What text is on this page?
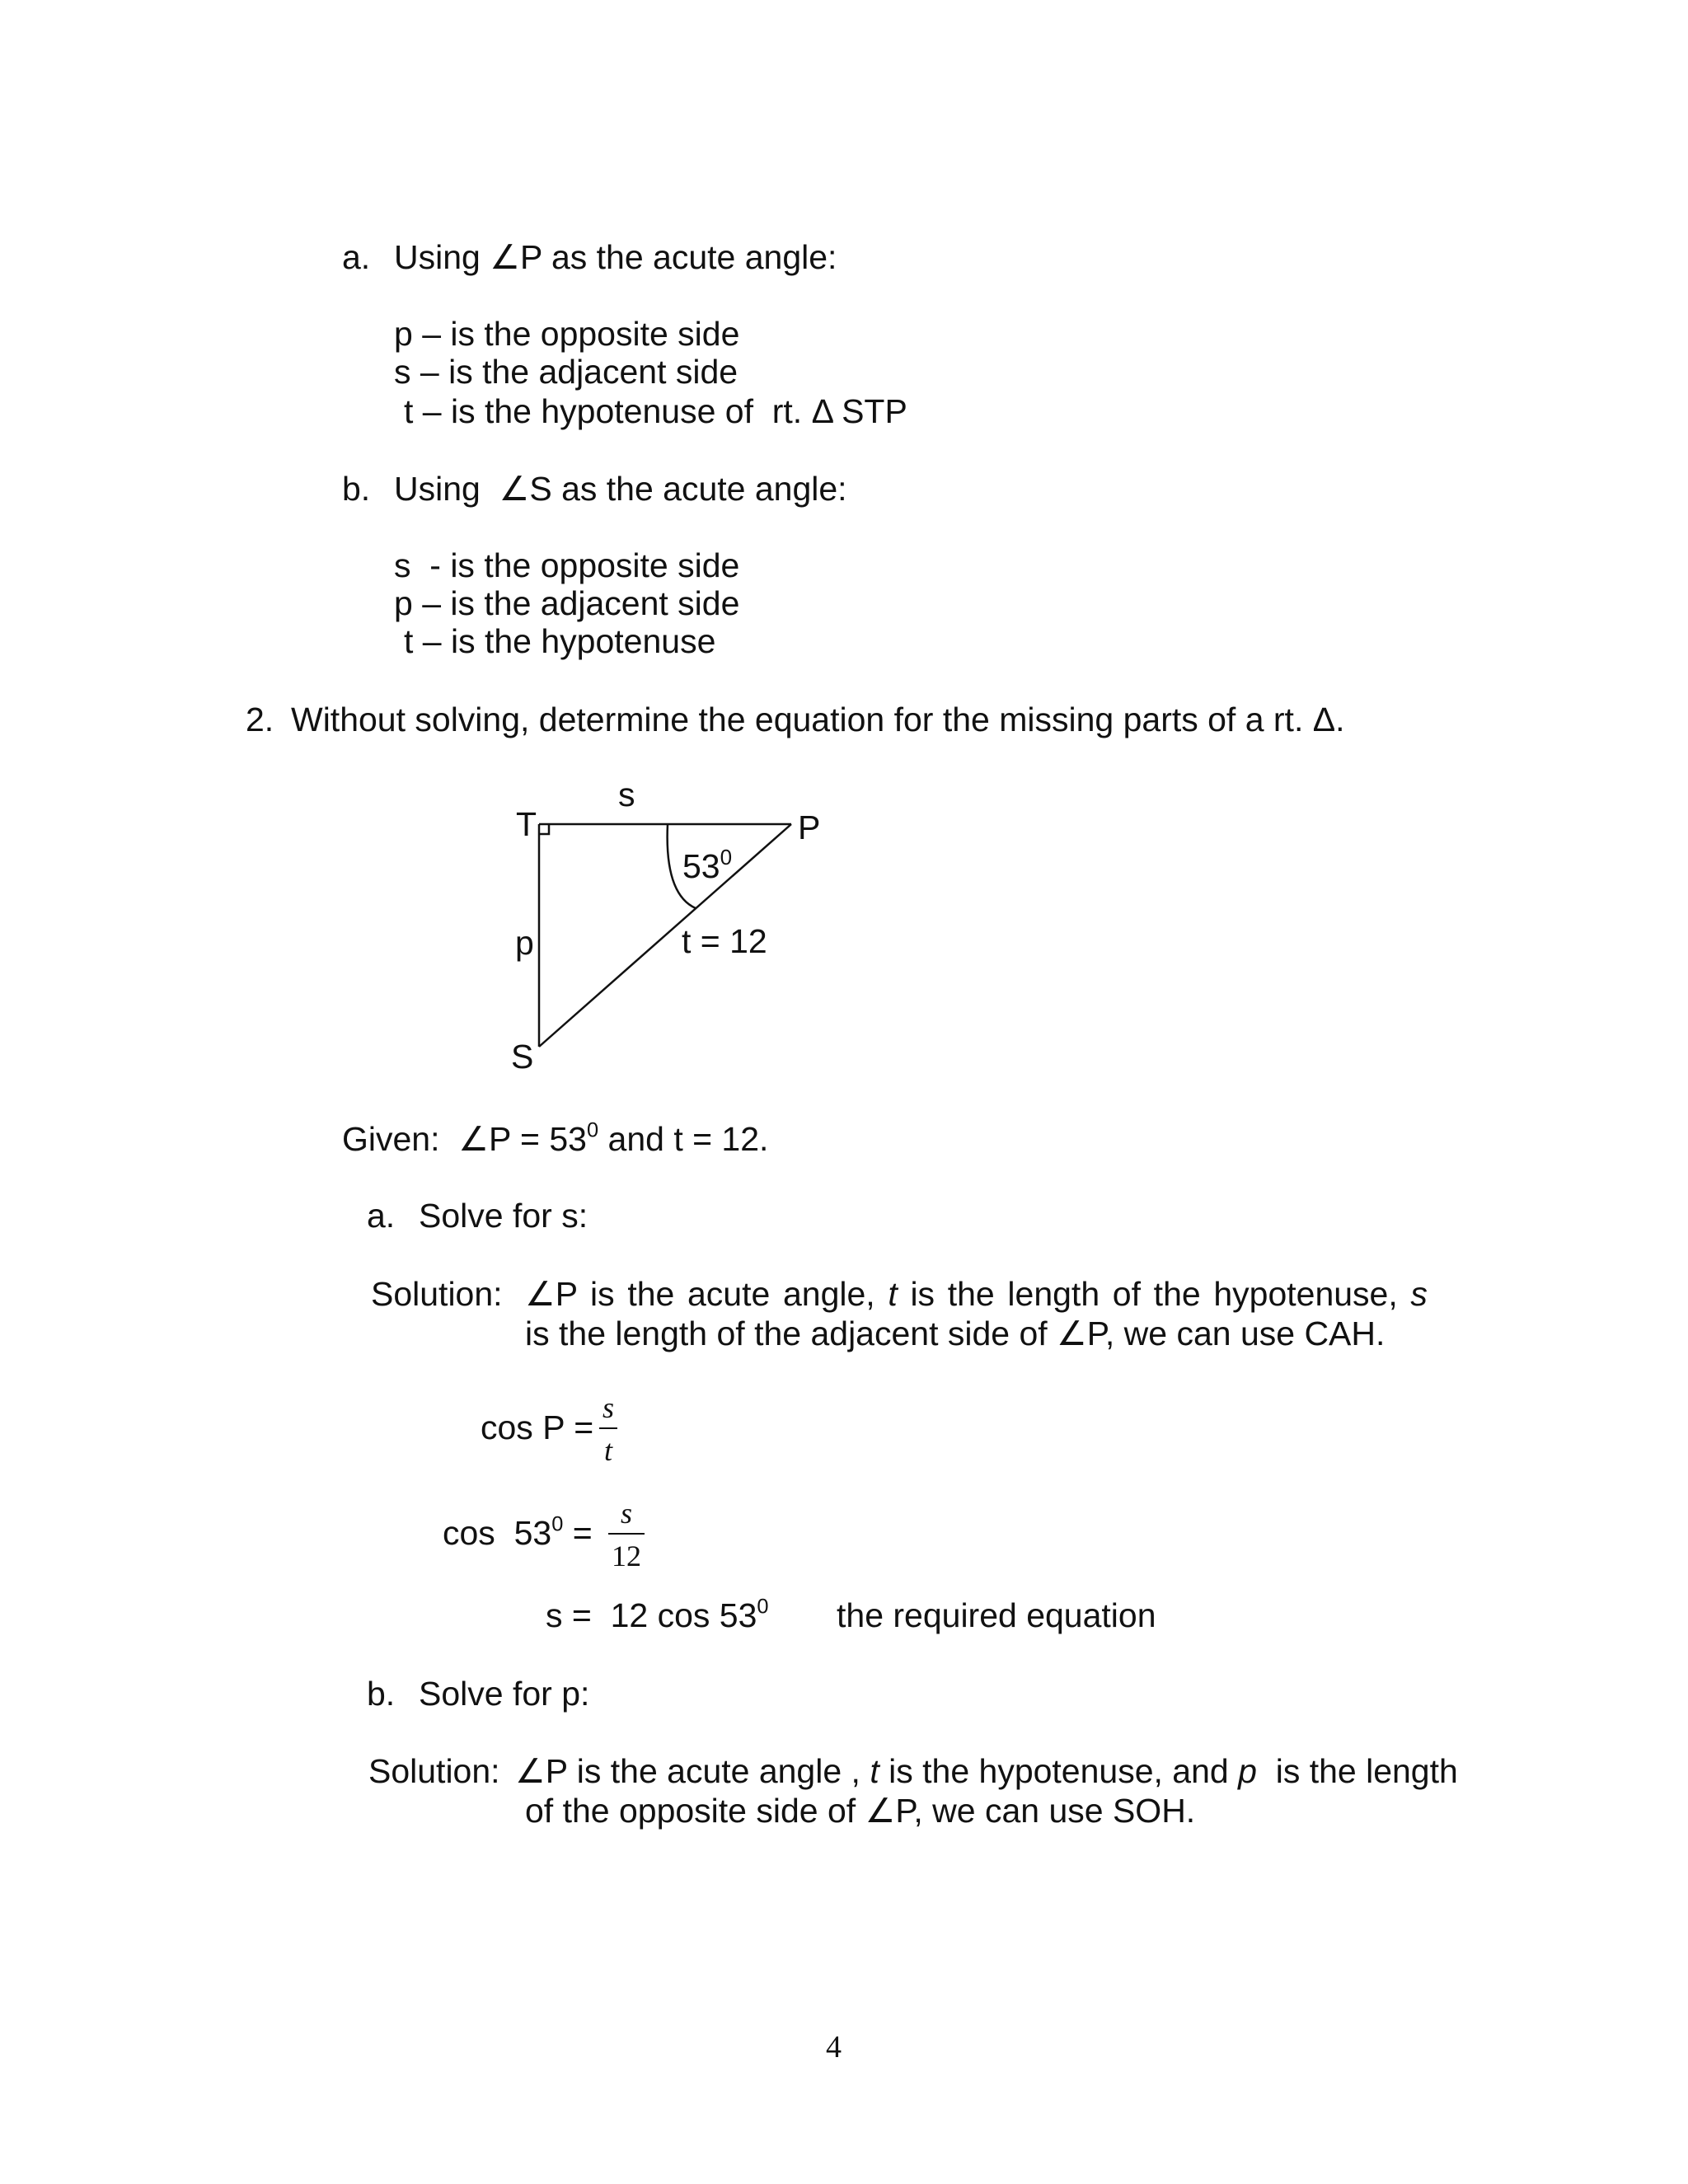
a. Using ∠P as the acute angle:
p – is the opposite side
s – is the adjacent side
t – is the hypotenuse of  rt. Δ STP
b. Using  ∠S as the acute angle:
s  - is the opposite side
p – is the adjacent side
t – is the hypotenuse
2. Without solving, determine the equation for the missing parts of a rt. Δ.
T	P
S
s
p	t = 12
$53^0$
Given:  ∠P = $53^0$ and t = 12.
a. Solve for s:
Solution: ∠P is the acute angle, t is the length of the hypotenuse, s
is the length of the adjacent side of ∠P, we can use CAH.
cos P =
s
t
$\cos 53^0$ =
s
12
s =  12 $\cos 53^0$ the required equation
b. Solve for p:
Solution: ∠P is the acute angle , t is the hypotenuse, and p  is the length
of the opposite side of ∠P, we can use SOH.
4
